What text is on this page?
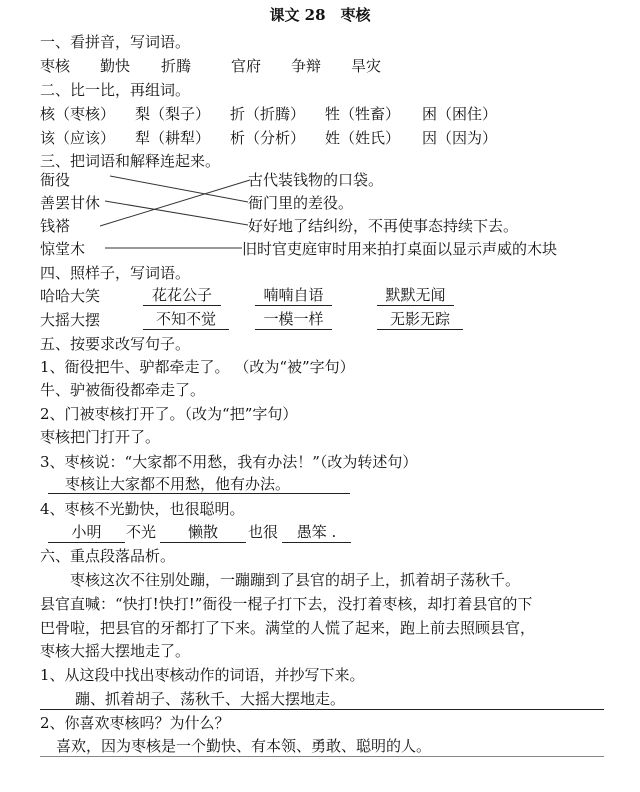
课文 28　枣核
一、看拼音，写词语。
枣核 勤快 折腾	官府 争辩 旱灾
二、比一比，再组词。
核（枣核） 梨（梨子） 折（折腾） 牲（牲畜） 困（困住）
该（应该） 犁（耕犁） 析（分析） 姓（姓氏） 因（因为）
三、把词语和解释连起来。
衙役
善罢甘休
钱褡
惊堂木
古代装钱物的口袋。
衙门里的差役。
好好地了结纠纷，不再使事态持续下去。
旧时官吏庭审时用来拍打桌面以显示声威的木块
四、照样子，写词语。
哈哈大笑	花花公子	喃喃自语	默默无闻
大摇大摆	不知不觉	一模一样	无影无踪
五、按要求改写句子。
1、衙役把牛、驴都牵走了。 （改为“被”字句）
牛、驴被衙役都牵走了。
2、门被枣核打开了。（改为“把”字句）
枣核把门打开了。
3、枣核说：“大家都不用愁，我有办法！”（改为转述句）
枣核让大家都不用愁，他有办法。
4、枣核不光勤快，也很聪明。
小明	不光	懒散	也很	愚笨 .
六、重点段落品析。
　　枣核这次不往别处蹦，一蹦蹦到了县官的胡子上，抓着胡子荡秋千。
县官直喊：“快打!快打!”衙役一棍子打下去，没打着枣核，却打着县官的下
巴骨啦，把县官的牙都打了下来。满堂的人慌了起来，跑上前去照顾县官，
枣核大摇大摆地走了。
1、从这段中找出枣核动作的词语，并抄写下来。
蹦、抓着胡子、荡秋千、大摇大摆地走。
2、你喜欢枣核吗？为什么？
喜欢，因为枣核是一个勤快、有本领、勇敢、聪明的人。
